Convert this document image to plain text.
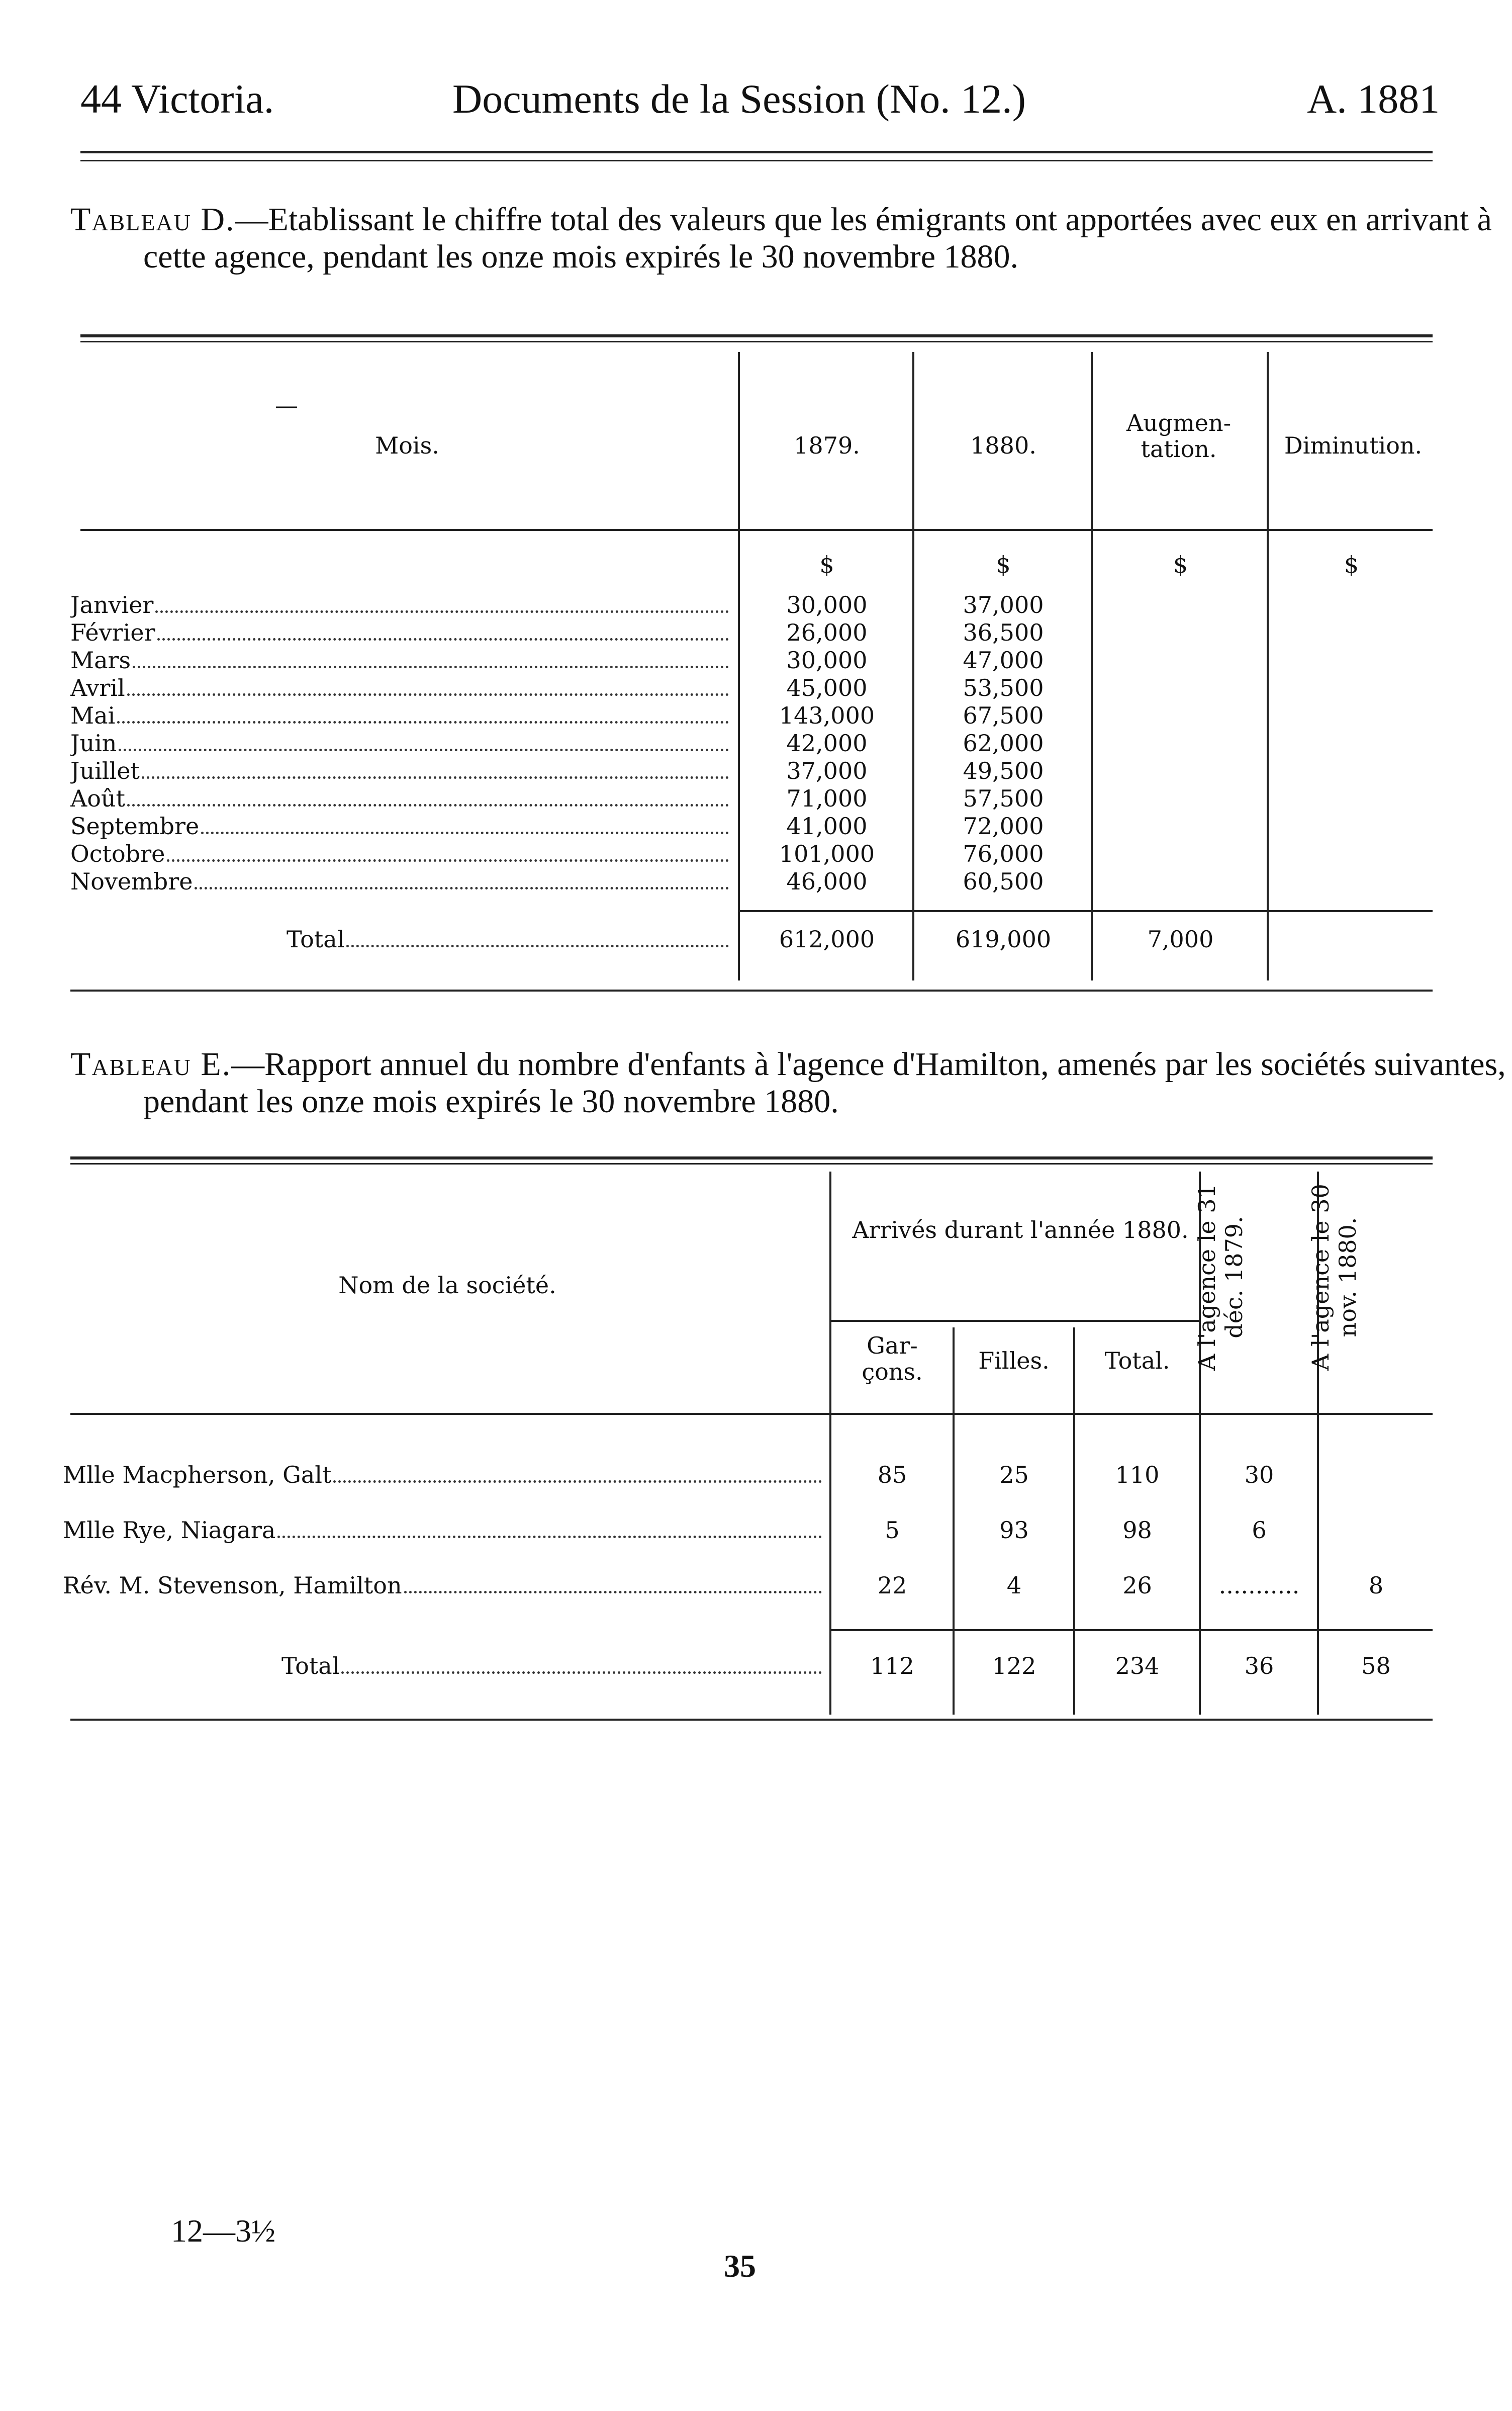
44 Victoria.	Documents de la Session (No. 12.)	A. 1881
Tableau D.—Etablissant le chiffre total des valeurs que les émigrants ont apportées avec eux en arrivant à cette agence, pendant les onze mois expirés le 30 novembre 1880.
—
Mois.	1879.	1880.
Augmen-tation.	Diminution.
$	$	$	$
Janvier	30,000	37,000
Février	26,000	36,500
Mars	30,000	47,000
Avril	45,000	53,500
Mai	143,000	67,500
Juin	42,000	62,000
Juillet	37,000	49,500
Août	71,000	57,500
Septembre	41,000	72,000
Octobre	101,000	76,000
Novembre	46,000	60,500
Total	612,000	619,000	7,000
Tableau E.—Rapport annuel du nombre d'enfants à l'agence d'Hamilton, amenés par les sociétés suivantes, pendant les onze mois expirés le 30 novembre 1880.
Nom de la société.
Arrivés durant l'année 1880.
Gar-çons.	Filles.	Total.	A l'agence le 31 déc. 1879.	A l'agence le 30 nov. 1880.
Mlle Macpherson, Galt	85	25	110	30
Mlle Rye, Niagara	5	93	98	6
Rév. M. Stevenson, Hamilton	22	4	26	...........	8
Total	112	122	234	36	58
12—3½
35
